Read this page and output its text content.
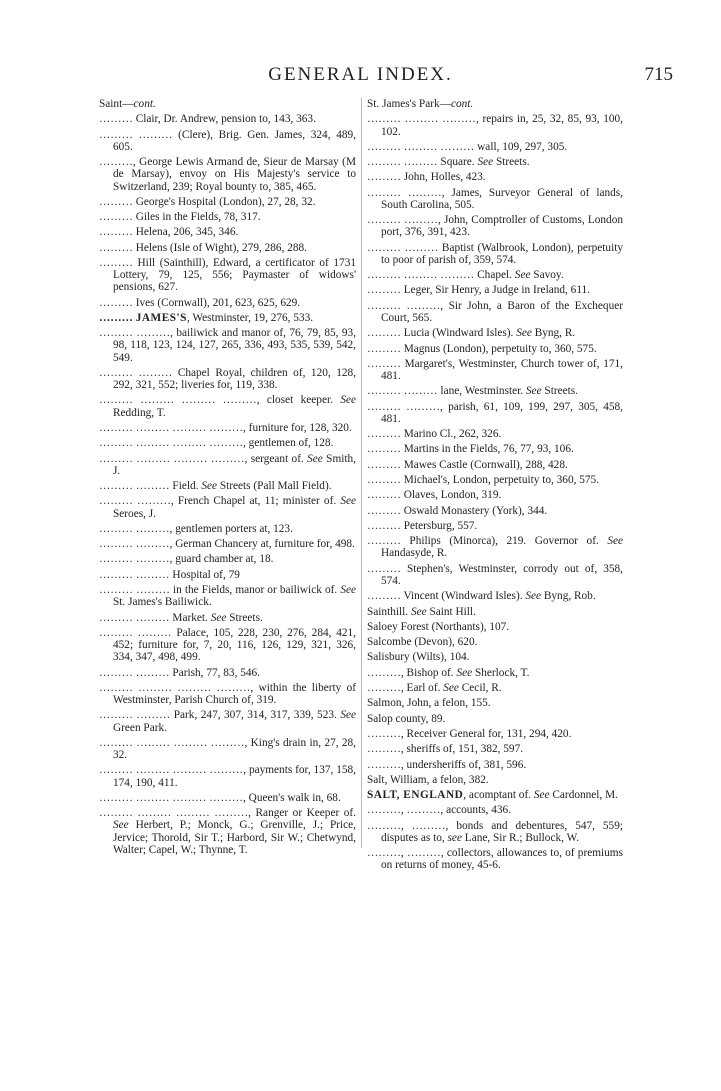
GENERAL INDEX.	715

Saint—cont.

……… Clair, Dr. Andrew, pension to, 143, 363.

……… ……… (Clere), Brig. Gen. James, 324, 489, 605.

………, George Lewis Armand de, Sieur de Marsay (M de Marsay), envoy on His Majesty's service to Switzerland, 239; Royal bounty to, 385, 465.

……… George's Hospital (London), 27, 28, 32.

……… Giles in the Fields, 78, 317.

……… Helena, 206, 345, 346.

……… Helens (Isle of Wight), 279, 286, 288.

……… Hill (Sainthill), Edward, a certificator of 1731 Lottery, 79, 125, 556; Paymaster of widows' pensions, 627.

……… Ives (Cornwall), 201, 623, 625, 629.

……… JAMES'S, Westminster, 19, 276, 533.

……… ………, bailiwick and manor of, 76, 79, 85, 93, 98, 118, 123, 124, 127, 265, 336, 493, 535, 539, 542, 549.

……… ……… Chapel Royal, children of, 120, 128, 292, 321, 552; liveries for, 119, 338.

……… ……… ……… ………, closet keeper. See Redding, T.

……… ……… ……… ………, furniture for, 128, 320.

……… ……… ……… ………, gentlemen of, 128.

……… ……… ……… ………, sergeant of. See Smith, J.

……… ……… Field. See Streets (Pall Mall Field).

……… ………, French Chapel at, 11; minister of. See Seroes, J.

……… ………, gentlemen porters at, 123.

……… ………, German Chancery at, furniture for, 498.

……… ………, guard chamber at, 18.

……… ……… Hospital of, 79

……… ……… in the Fields, manor or bailiwick of. See St. James's Bailiwick.

……… ……… Market. See Streets.

……… ……… Palace, 105, 228, 230, 276, 284, 421, 452; furniture for, 7, 20, 116, 126, 129, 321, 326, 334, 347, 498, 499.

……… ……… Parish, 77, 83, 546.

……… ……… ……… ………, within the liberty of Westminster, Parish Church of, 319.

……… ……… Park, 247, 307, 314, 317, 339, 523. See Green Park.

……… ……… ……… ………, King's drain in, 27, 28, 32.

……… ……… ……… ………, payments for, 137, 158, 174, 190, 411.

……… ……… ……… ………, Queen's walk in, 68.

……… ……… ……… ………, Ranger or Keeper of. See Herbert, P.; Monck, G.; Grenville, J.; Price, Jervice; Thorold, Sir T.; Harbord, Sir W.; Chetwynd, Walter; Capel, W.; Thynne, T.

St. James's Park—cont.

……… ……… ………, repairs in, 25, 32, 85, 93, 100, 102.

……… ……… ……… wall, 109, 297, 305.

……… ……… Square. See Streets.

……… John, Holles, 423.

……… ………, James, Surveyor General of lands, South Carolina, 505.

……… ………, John, Comptroller of Customs, London port, 376, 391, 423.

……… ……… Baptist (Walbrook, London), perpetuity to poor of parish of, 359, 574.

……… ……… ……… Chapel. See Savoy.

……… Leger, Sir Henry, a Judge in Ireland, 611.

……… ………, Sir John, a Baron of the Exchequer Court, 565.

……… Lucia (Windward Isles). See Byng, R.

……… Magnus (London), perpetuity to, 360, 575.

……… Margaret's, Westminster, Church tower of, 171, 481.

……… ……… lane, Westminster. See Streets.

……… ………, parish, 61, 109, 199, 297, 305, 458, 481.

……… Marino Cl., 262, 326.

……… Martins in the Fields, 76, 77, 93, 106.

……… Mawes Castle (Cornwall), 288, 428.

……… Michael's, London, perpetuity to, 360, 575.

……… Olaves, London, 319.

……… Oswald Monastery (York), 344.

……… Petersburg, 557.

……… Philips (Minorca), 219. Governor of. See Handasyde, R.

……… Stephen's, Westminster, corrody out of, 358, 574.

……… Vincent (Windward Isles). See Byng, Rob.

Sainthill. See Saint Hill.

Saloey Forest (Northants), 107.

Salcombe (Devon), 620.

Salisbury (Wilts), 104.

………, Bishop of. See Sherlock, T.

………, Earl of. See Cecil, R.

Salmon, John, a felon, 155.

Salop county, 89.

………, Receiver General for, 131, 294, 420.

………, sheriffs of, 151, 382, 597.

………, undersheriffs of, 381, 596.

Salt, William, a felon, 382.

SALT, ENGLAND, acomptant of. See Cardonnel, M.

………, ………, accounts, 436.

………, ………, bonds and debentures, 547, 559; disputes as to, see Lane, Sir R.; Bullock, W.

………, ………, collectors, allowances to, of premiums on returns of money, 45-6.
